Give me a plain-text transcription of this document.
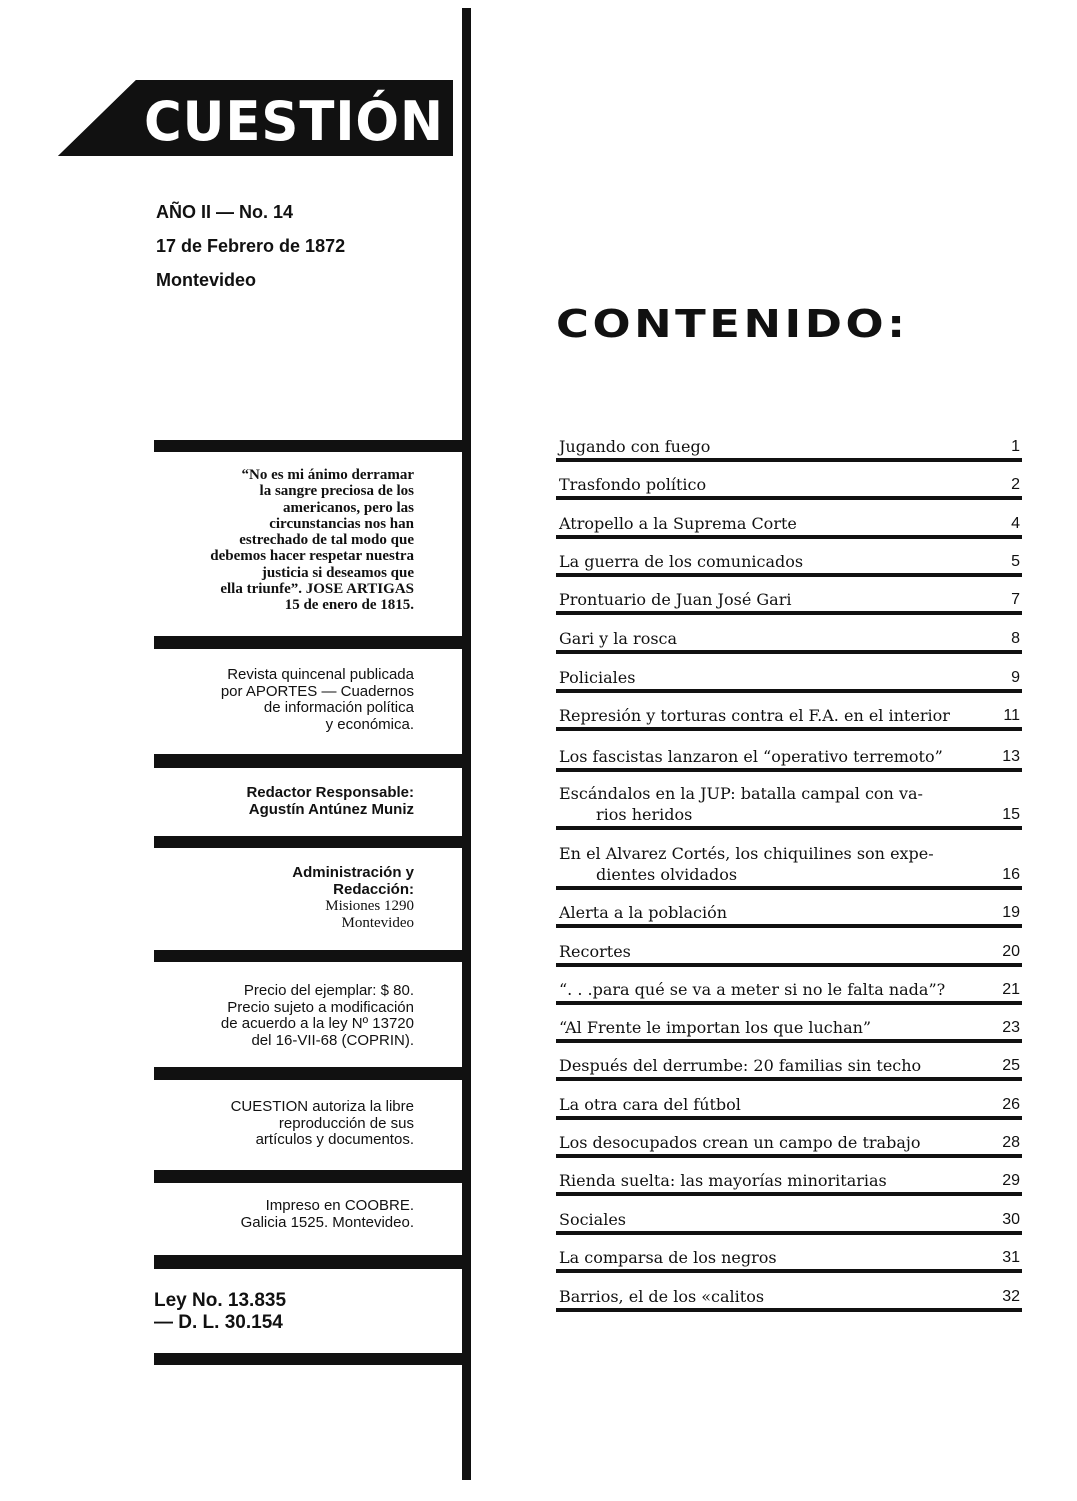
CUESTIÓN
AÑO II — No. 14
17 de Febrero de 1872
Montevideo
CONTENIDO:
“No es mi ánimo derramar
la sangre preciosa de los
americanos, pero las
circunstancias nos han
estrechado de tal modo que
debemos hacer respetar nuestra
justicia si deseamos que
ella triunfe”. JOSE ARTIGAS
15 de enero de 1815.
Revista quincenal publicada
por APORTES — Cuadernos
de información política
y económica.
Redactor Responsable:
Agustín Antúnez Muniz
Administración y
Redacción:
Misiones 1290
Montevideo
Precio del ejemplar: $ 80.
Precio sujeto a modificación
de acuerdo a la ley Nº 13720
del 16-VII-68 (COPRIN).
CUESTION autoriza la libre
reproducción de sus
artículos y documentos.
Impreso en COOBRE.
Galicia 1525. Montevideo.
Ley No. 13.835
— D. L. 30.154
Jugando con fuego	1
Trasfondo político	2
Atropello a la Suprema Corte	4
La guerra de los comunicados	5
Prontuario de Juan José Gari	7
Gari y la rosca	8
Policiales	9
Represión y torturas contra el F.A. en el interior	11
Los fascistas lanzaron el “operativo terremoto”	13
Escándalos en la JUP: batalla campal con va-
rios heridos	15
En el Alvarez Cortés, los chiquilines son expe-
dientes olvidados	16
Alerta a la población	19
Recortes	20
“. . .para qué se va a meter si no le falta nada”?	21
“Al Frente le importan los que luchan”	23
Después del derrumbe: 20 familias sin techo	25
La otra cara del fútbol	26
Los desocupados crean un campo de trabajo	28
Rienda suelta: las mayorías minoritarias	29
Sociales	30
La comparsa de los negros	31
Barrios, el de los «calitos	32
